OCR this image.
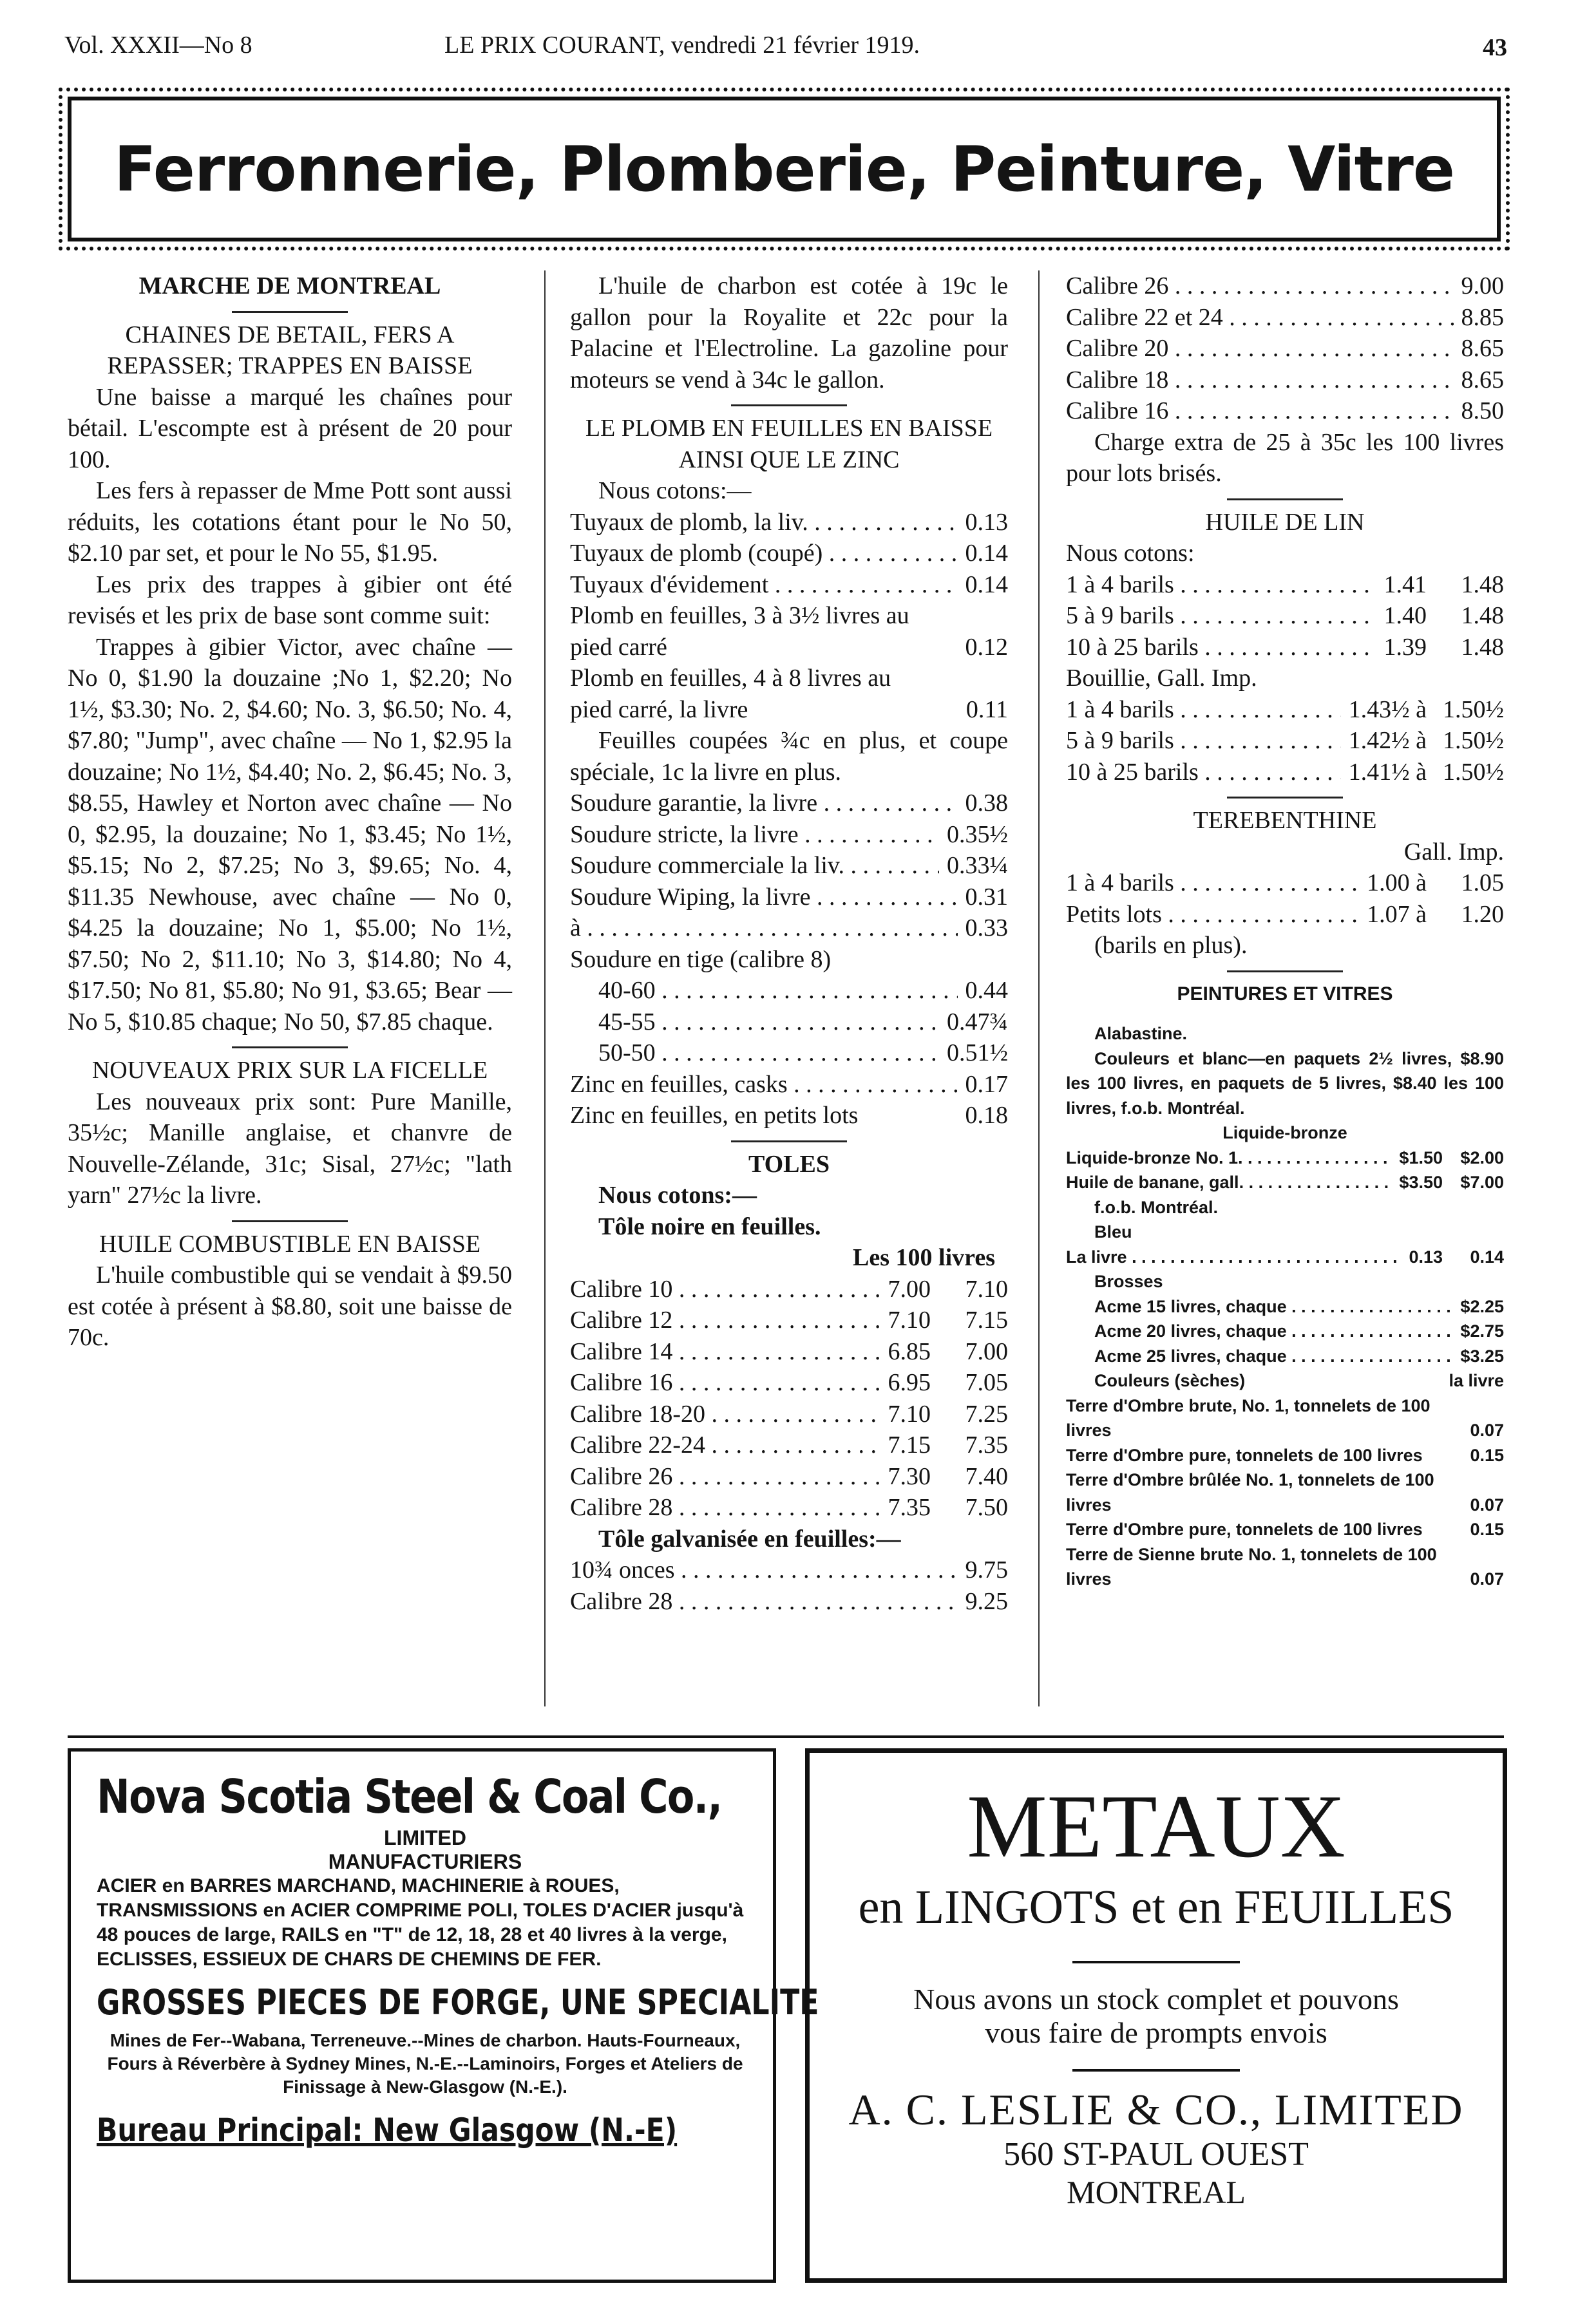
Vol. XXXII—No 8	LE PRIX COURANT, vendredi 21 février 1919.	43
Ferronnerie, Plomberie, Peinture, Vitre

MARCHE DE MONTREAL

CHAINES DE BETAIL, FERS A REPASSER; TRAPPES EN BAISSE

Une baisse a marqué les chaînes pour bétail. L'escompte est à présent de 20 pour 100.

Les fers à repasser de Mme Pott sont aussi réduits, les cotations étant pour le No 50, $2.10 par set, et pour le No 55, $1.95.

Les prix des trappes à gibier ont été revisés et les prix de base sont comme suit:

Trappes à gibier Victor, avec chaîne — No 0, $1.90 la douzaine ;No 1, $2.20; No 1½, $3.30; No. 2, $4.60; No. 3, $6.50; No. 4, $7.80; "Jump", avec chaîne — No 1, $2.95 la douzaine; No 1½, $4.40; No. 2, $6.45; No. 3, $8.55, Hawley et Norton avec chaîne — No 0, $2.95, la douzaine; No 1, $3.45; No 1½, $5.15; No 2, $7.25; No 3, $9.65; No. 4, $11.35 Newhouse, avec chaîne — No 0, $4.25 la douzaine; No 1, $5.00; No 1½, $7.50; No 2, $11.10; No 3, $14.80; No 4, $17.50; No 81, $5.80; No 91, $3.65; Bear — No 5, $10.85 chaque; No 50, $7.85 chaque.

NOUVEAUX PRIX SUR LA FICELLE

Les nouveaux prix sont: Pure Manille, 35½c; Manille anglaise, et chanvre de Nouvelle-Zélande, 31c; Sisal, 27½c; "lath yarn" 27½c la livre.

HUILE COMBUSTIBLE EN BAISSE

L'huile combustible qui se vendait à $9.50 est cotée à présent à $8.80, soit une baisse de 70c.

L'huile de charbon est cotée à 19c le gallon pour la Royalite et 22c pour la Palacine et l'Electroline. La gazoline pour moteurs se vend à 34c le gallon.

LE PLOMB EN FEUILLES EN BAISSE AINSI QUE LE ZINC

Nous cotons:—

Tuyaux de plomb, la liv. . . .	0.13
Tuyaux de plomb (coupé) . . .	0.14
Tuyaux d'évidement . . .	0.14

Plomb en feuilles, 3 à 3½ livres au pied carré	0.12

Plomb en feuilles, 4 à 8 livres au pied carré, la livre	0.11

Feuilles coupées ¾c en plus, et coupe spéciale, 1c la livre en plus.

Soudure garantie, la livre . . .	0.38
Soudure stricte, la livre . . .	0.35½
Soudure commerciale la liv. . . .	0.33¼
Soudure Wiping, la livre . . .	0.31
à . . .	0.33

Soudure en tige (calibre 8)

40-60 . . .	0.44
45-55 . . .	0.47¾
50-50 . . .	0.51½
Zinc en feuilles, casks . . .	0.17
Zinc en feuilles, en petits lots	0.18

TOLES

Nous cotons:—

Tôle noire en feuilles.

Les 100 livres

Calibre 10 . . .	7.00	7.10
Calibre 12 . . .	7.10	7.15
Calibre 14 . . .	6.85	7.00
Calibre 16 . . .	6.95	7.05
Calibre 18-20 . . .	7.10	7.25
Calibre 22-24 . . .	7.15	7.35
Calibre 26 . . .	7.30	7.40
Calibre 28 . . .	7.35	7.50

Tôle galvanisée en feuilles:—

10¾ onces . . .	9.75
Calibre 28 . . .	9.25
Calibre 26 . . .	9.00
Calibre 22 et 24 . . .	8.85
Calibre 20 . . .	8.65
Calibre 18 . . .	8.65
Calibre 16 . . .	8.50

Charge extra de 25 à 35c les 100 livres pour lots brisés.

HUILE DE LIN

Nous cotons:

1 à 4 barils . . .	1.41	1.48
5 à 9 barils . . .	1.40	1.48
10 à 25 barils . . .	1.39	1.48

Bouillie, Gall. Imp.

1 à 4 barils . . .	1.43½ à 1.50½
5 à 9 barils . . .	1.42½ à 1.50½
10 à 25 barils . . .	1.41½ à 1.50½

TEREBENTHINE

Gall. Imp.

1 à 4 barils . . .	1.00 à	1.05
Petits lots . . .	1.07 à	1.20

(barils en plus).

PEINTURES ET VITRES

Alabastine.

Couleurs et blanc—en paquets 2½ livres, $8.90 les 100 livres, en paquets de 5 livres, $8.40 les 100 livres, f.o.b. Montréal.

Liquide-bronze

Liquide-bronze No. 1. . . .	$1.50	$2.00
Huile de banane, gall. . . .	$3.50	$7.00

f.o.b. Montréal.

Bleu

La livre . . .	0.13	0.14

Brosses

Acme 15 livres, chaque . . .	$2.25
Acme 20 livres, chaque . . .	$2.75
Acme 25 livres, chaque . . .	$3.25
Couleurs (sèches)	la livre

Terre d'Ombre brute, No. 1, tonnelets de 100 livres	0.07

Terre d'Ombre pure, tonnelets de 100 livres	0.15

Terre d'Ombre brûlée No. 1, tonnelets de 100 livres	0.07

Terre d'Ombre pure, tonnelets de 100 livres	0.15

Terre de Sienne brute No. 1, tonnelets de 100 livres	0.07
Nova Scotia Steel & Coal Co.,
LIMITED
MANUFACTURIERS
ACIER en BARRES MARCHAND, MACHINERIE à ROUES, TRANSMISSIONS en ACIER COMPRIME POLI, TOLES D'ACIER jusqu'à 48 pouces de large, RAILS en "T" de 12, 18, 28 et 40 livres à la verge, ECLISSES, ESSIEUX DE CHARS DE CHEMINS DE FER.
GROSSES PIECES DE FORGE, UNE SPECIALITE
Mines de Fer--Wabana, Terreneuve.--Mines de charbon. Hauts-Fourneaux, Fours à Réverbère à Sydney Mines, N.-E.--Laminoirs, Forges et Ateliers de Finissage à New-Glasgow (N.-E.).
Bureau Principal: New Glasgow (N.-E)
METAUX
en LINGOTS et en FEUILLES
Nous avons un stock complet et pouvons vous faire de prompts envois
A. C. LESLIE & CO., LIMITED
560 ST-PAUL OUEST
MONTREAL
